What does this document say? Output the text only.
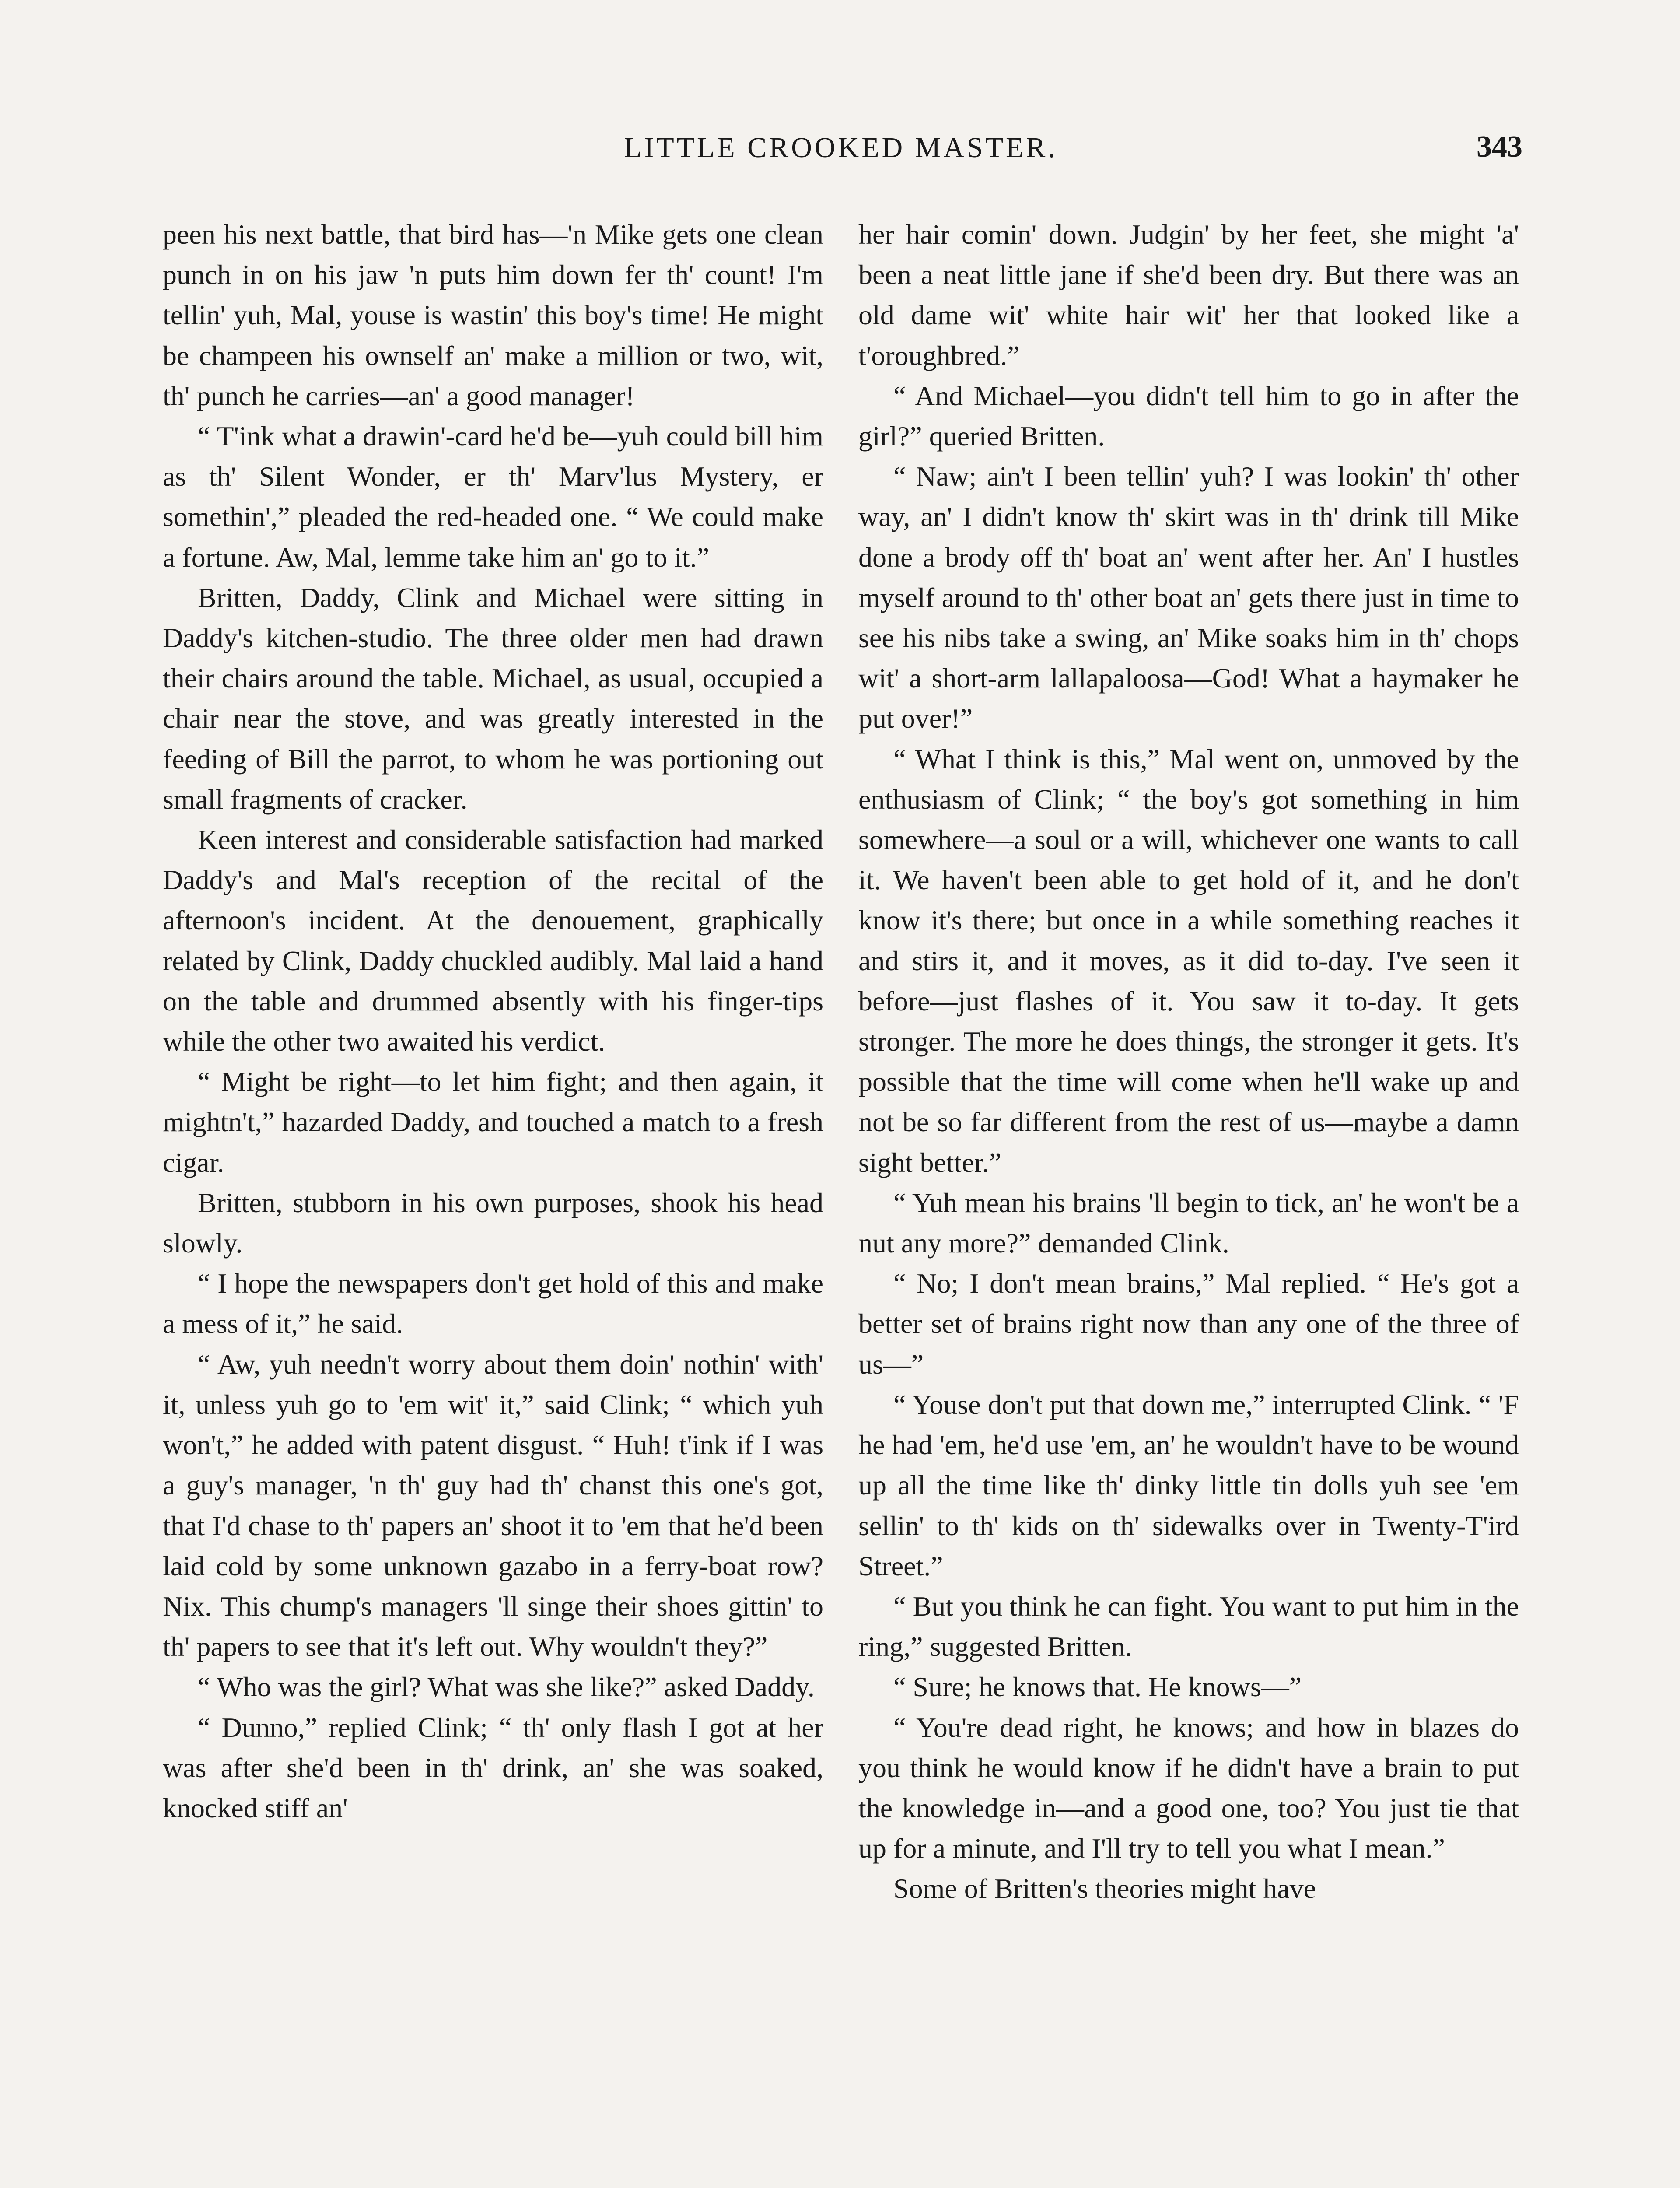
LITTLE CROOKED MASTER.	343

peen his next battle, that bird has—'n Mike gets one clean punch in on his jaw 'n puts him down fer th' count! I'm tellin' yuh, Mal, youse is wastin' this boy's time! He might be champeen his ownself an' make a million or two, wit, th' punch he carries—an' a good manager!

“ T'ink what a drawin'-card he'd be—yuh could bill him as th' Silent Wonder, er th' Marv'lus Mystery, er somethin',” pleaded the red-headed one. “ We could make a fortune. Aw, Mal, lemme take him an' go to it.”

Britten, Daddy, Clink and Michael were sitting in Daddy's kitchen-studio. The three older men had drawn their chairs around the table. Michael, as usual, occupied a chair near the stove, and was greatly interested in the feeding of Bill the parrot, to whom he was portioning out small fragments of cracker.

Keen interest and considerable satisfaction had marked Daddy's and Mal's reception of the recital of the afternoon's incident. At the denouement, graphically related by Clink, Daddy chuckled audibly. Mal laid a hand on the table and drummed absently with his finger-tips while the other two awaited his verdict.

“ Might be right—to let him fight; and then again, it mightn't,” hazarded Daddy, and touched a match to a fresh cigar.

Britten, stubborn in his own purposes, shook his head slowly.

“ I hope the newspapers don't get hold of this and make a mess of it,” he said.

“ Aw, yuh needn't worry about them doin' nothin' with' it, unless yuh go to 'em wit' it,” said Clink; “ which yuh won't,” he added with patent disgust. “ Huh! t'ink if I was a guy's manager, 'n th' guy had th' chanst this one's got, that I'd chase to th' papers an' shoot it to 'em that he'd been laid cold by some unknown gazabo in a ferry-boat row? Nix. This chump's managers 'll singe their shoes gittin' to th' papers to see that it's left out. Why wouldn't they?”

“ Who was the girl? What was she like?” asked Daddy.

“ Dunno,” replied Clink; “ th' only flash I got at her was after she'd been in th' drink, an' she was soaked, knocked stiff an'

her hair comin' down. Judgin' by her feet, she might 'a' been a neat little jane if she'd been dry. But there was an old dame wit' white hair wit' her that looked like a t'oroughbred.”

“ And Michael—you didn't tell him to go in after the girl?” queried Britten.

“ Naw; ain't I been tellin' yuh? I was lookin' th' other way, an' I didn't know th' skirt was in th' drink till Mike done a brody off th' boat an' went after her. An' I hustles myself around to th' other boat an' gets there just in time to see his nibs take a swing, an' Mike soaks him in th' chops wit' a short-arm lallapaloosa—God! What a haymaker he put over!”

“ What I think is this,” Mal went on, unmoved by the enthusiasm of Clink; “ the boy's got something in him somewhere—a soul or a will, whichever one wants to call it. We haven't been able to get hold of it, and he don't know it's there; but once in a while something reaches it and stirs it, and it moves, as it did to-day. I've seen it before—just flashes of it. You saw it to-day. It gets stronger. The more he does things, the stronger it gets. It's possible that the time will come when he'll wake up and not be so far different from the rest of us—maybe a damn sight better.”

“ Yuh mean his brains 'll begin to tick, an' he won't be a nut any more?” demanded Clink.

“ No; I don't mean brains,” Mal replied. “ He's got a better set of brains right now than any one of the three of us—”

“ Youse don't put that down me,” interrupted Clink. “ 'F he had 'em, he'd use 'em, an' he wouldn't have to be wound up all the time like th' dinky little tin dolls yuh see 'em sellin' to th' kids on th' sidewalks over in Twenty-T'ird Street.”

“ But you think he can fight. You want to put him in the ring,” suggested Britten.

“ Sure; he knows that. He knows—”

“ You're dead right, he knows; and how in blazes do you think he would know if he didn't have a brain to put the knowledge in—and a good one, too? You just tie that up for a minute, and I'll try to tell you what I mean.”

Some of Britten's theories might have
